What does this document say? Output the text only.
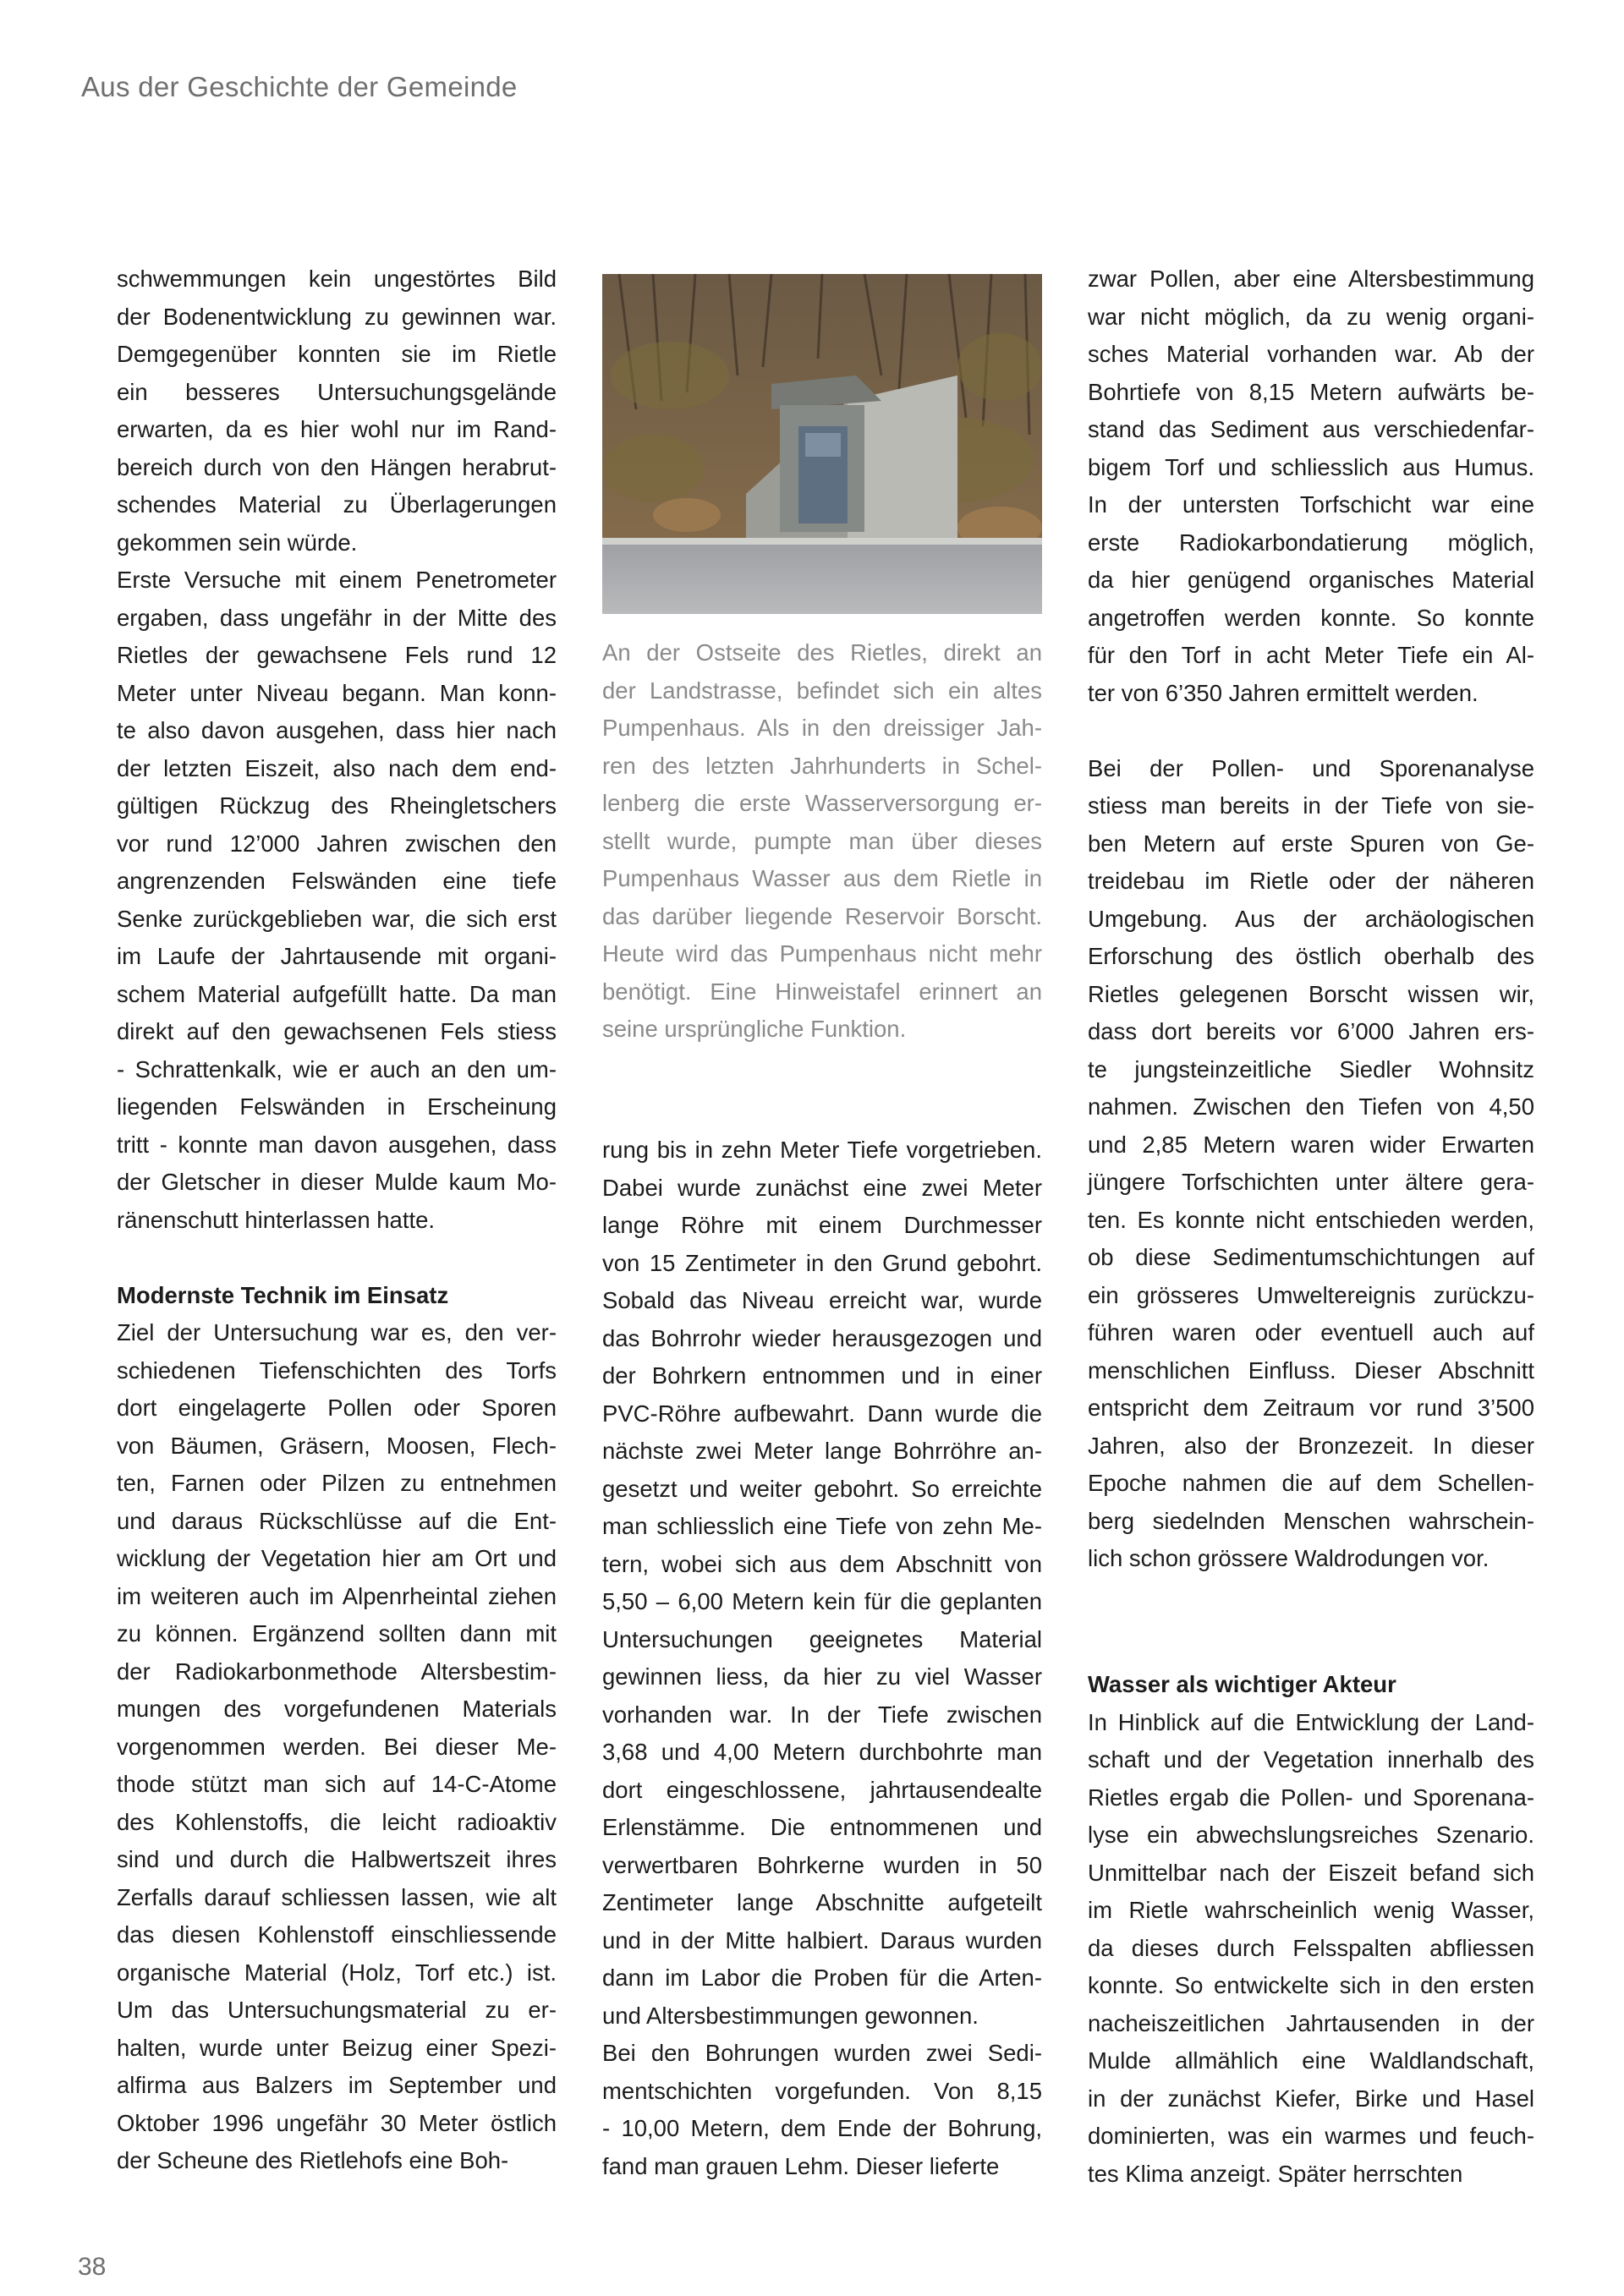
Aus der Geschichte der Gemeinde

schwemmungen kein ungestörtes Bild
der Bodenentwicklung zu gewinnen war.
Demgegenüber konnten sie im Rietle
ein besseres Untersuchungsgelände
erwarten, da es hier wohl nur im Rand-
bereich durch von den Hängen herabrut-
schendes Material zu Überlagerungen
gekommen sein würde.

Erste Versuche mit einem Penetrometer
ergaben, dass ungefähr in der Mitte des
Rietles der gewachsene Fels rund 12
Meter unter Niveau begann. Man konn-
te also davon ausgehen, dass hier nach
der letzten Eiszeit, also nach dem end-
gültigen Rückzug des Rheingletschers
vor rund 12’000 Jahren zwischen den
angrenzenden Felswänden eine tiefe
Senke zurückgeblieben war, die sich erst
im Laufe der Jahrtausende mit organi-
schem Material aufgefüllt hatte. Da man
direkt auf den gewachsenen Fels stiess
- Schrattenkalk, wie er auch an den um-
liegenden Felswänden in Erscheinung
tritt - konnte man davon ausgehen, dass
der Gletscher in dieser Mulde kaum Mo-
ränenschutt hinterlassen hatte.

Modernste Technik im Einsatz

Ziel der Untersuchung war es, den ver-
schiedenen Tiefenschichten des Torfs
dort eingelagerte Pollen oder Sporen
von Bäumen, Gräsern, Moosen, Flech-
ten, Farnen oder Pilzen zu entnehmen
und daraus Rückschlüsse auf die Ent-
wicklung der Vegetation hier am Ort und
im weiteren auch im Alpenrheintal ziehen
zu können. Ergänzend sollten dann mit
der Radiokarbonmethode Altersbestim-
mungen des vorgefundenen Materials
vorgenommen werden. Bei dieser Me-
thode stützt man sich auf 14-C-Atome
des Kohlenstoffs, die leicht radioaktiv
sind und durch die Halbwertszeit ihres
Zerfalls darauf schliessen lassen, wie alt
das diesen Kohlenstoff einschliessende
organische Material (Holz, Torf etc.) ist.
Um das Untersuchungsmaterial zu er-
halten, wurde unter Beizug einer Spezi-
alfirma aus Balzers im September und
Oktober 1996 ungefähr 30 Meter östlich
der Scheune des Rietlehofs eine Boh-

An der Ostseite des Rietles, direkt an
der Landstrasse, befindet sich ein altes
Pumpenhaus. Als in den dreissiger Jah-
ren des letzten Jahrhunderts in Schel-
lenberg die erste Wasserversorgung er-
stellt wurde, pumpte man über dieses
Pumpenhaus Wasser aus dem Rietle in
das darüber liegende Reservoir Borscht.
Heute wird das Pumpenhaus nicht mehr
benötigt. Eine Hinweistafel erinnert an
seine ursprüngliche Funktion.

rung bis in zehn Meter Tiefe vorgetrieben.
Dabei wurde zunächst eine zwei Meter
lange Röhre mit einem Durchmesser
von 15 Zentimeter in den Grund gebohrt.
Sobald das Niveau erreicht war, wurde
das Bohrrohr wieder herausgezogen und
der Bohrkern entnommen und in einer
PVC-Röhre aufbewahrt. Dann wurde die
nächste zwei Meter lange Bohrröhre an-
gesetzt und weiter gebohrt. So erreichte
man schliesslich eine Tiefe von zehn Me-
tern, wobei sich aus dem Abschnitt von
5,50 – 6,00 Metern kein für die geplanten
Untersuchungen geeignetes Material
gewinnen liess, da hier zu viel Wasser
vorhanden war. In der Tiefe zwischen
3,68 und 4,00 Metern durchbohrte man
dort eingeschlossene, jahrtausendealte
Erlenstämme. Die entnommenen und
verwertbaren Bohrkerne wurden in 50
Zentimeter lange Abschnitte aufgeteilt
und in der Mitte halbiert. Daraus wurden
dann im Labor die Proben für die Arten-
und Altersbestimmungen gewonnen.

Bei den Bohrungen wurden zwei Sedi-
mentschichten vorgefunden. Von 8,15
- 10,00 Metern, dem Ende der Bohrung,
fand man grauen Lehm. Dieser lieferte

zwar Pollen, aber eine Altersbestimmung
war nicht möglich, da zu wenig organi-
sches Material vorhanden war. Ab der
Bohrtiefe von 8,15 Metern aufwärts be-
stand das Sediment aus verschiedenfar-
bigem Torf und schliesslich aus Humus.
In der untersten Torfschicht war eine
erste Radiokarbondatierung möglich,
da hier genügend organisches Material
angetroffen werden konnte. So konnte
für den Torf in acht Meter Tiefe ein Al-
ter von 6’350 Jahren ermittelt werden.

Bei der Pollen- und Sporenanalyse
stiess man bereits in der Tiefe von sie-
ben Metern auf erste Spuren von Ge-
treidebau im Rietle oder der näheren
Umgebung. Aus der archäologischen
Erforschung des östlich oberhalb des
Rietles gelegenen Borscht wissen wir,
dass dort bereits vor 6’000 Jahren ers-
te jungsteinzeitliche Siedler Wohnsitz
nahmen. Zwischen den Tiefen von 4,50
und 2,85 Metern waren wider Erwarten
jüngere Torfschichten unter ältere gera-
ten. Es konnte nicht entschieden werden,
ob diese Sedimentumschichtungen auf
ein grösseres Umweltereignis zurückzu-
führen waren oder eventuell auch auf
menschlichen Einfluss. Dieser Abschnitt
entspricht dem Zeitraum vor rund 3’500
Jahren, also der Bronzezeit. In dieser
Epoche nahmen die auf dem Schellen-
berg siedelnden Menschen wahrschein-
lich schon grössere Waldrodungen vor.

Wasser als wichtiger Akteur

In Hinblick auf die Entwicklung der Land-
schaft und der Vegetation innerhalb des
Rietles ergab die Pollen- und Sporenana-
lyse ein abwechslungsreiches Szenario.
Unmittelbar nach der Eiszeit befand sich
im Rietle wahrscheinlich wenig Wasser,
da dieses durch Felsspalten abfliessen
konnte. So entwickelte sich in den ersten
nacheiszeitlichen Jahrtausenden in der
Mulde allmählich eine Waldlandschaft,
in der zunächst Kiefer, Birke und Hasel
dominierten, was ein warmes und feuch-
tes Klima anzeigt. Später herrschten

38
